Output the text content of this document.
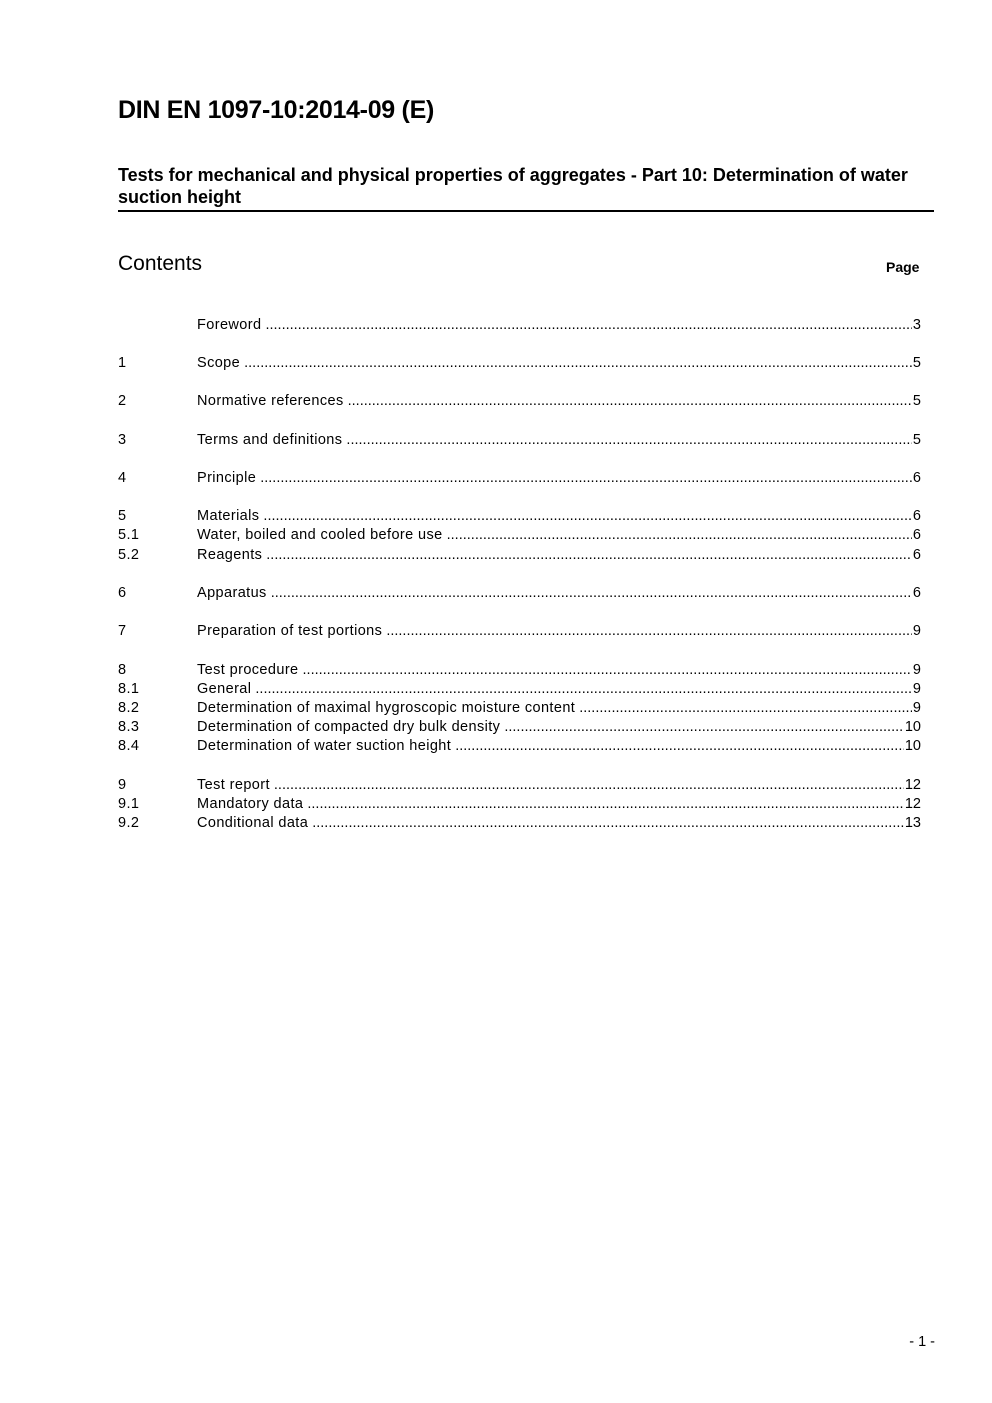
DIN EN 1097-10:2014-09 (E)
Tests for mechanical and physical properties of aggregates - Part 10: Determination of water suction height
Contents	Page
Foreword .....	3
1	Scope .....	5
2	Normative references .....	5
3	Terms and definitions .....	5
4	Principle .....	6
5	Materials .....	6
5.1	Water, boiled and cooled before use .....	6
5.2	Reagents .....	6
6	Apparatus .....	6
7	Preparation of test portions .....	9
8	Test procedure .....	9
8.1	General .....	9
8.2	Determination of maximal hygroscopic moisture content .....	9
8.3	Determination of compacted dry bulk density .....	10
8.4	Determination of water suction height .....	10
9	Test report .....	12
9.1	Mandatory data .....	12
9.2	Conditional data .....	13
- 1 -
